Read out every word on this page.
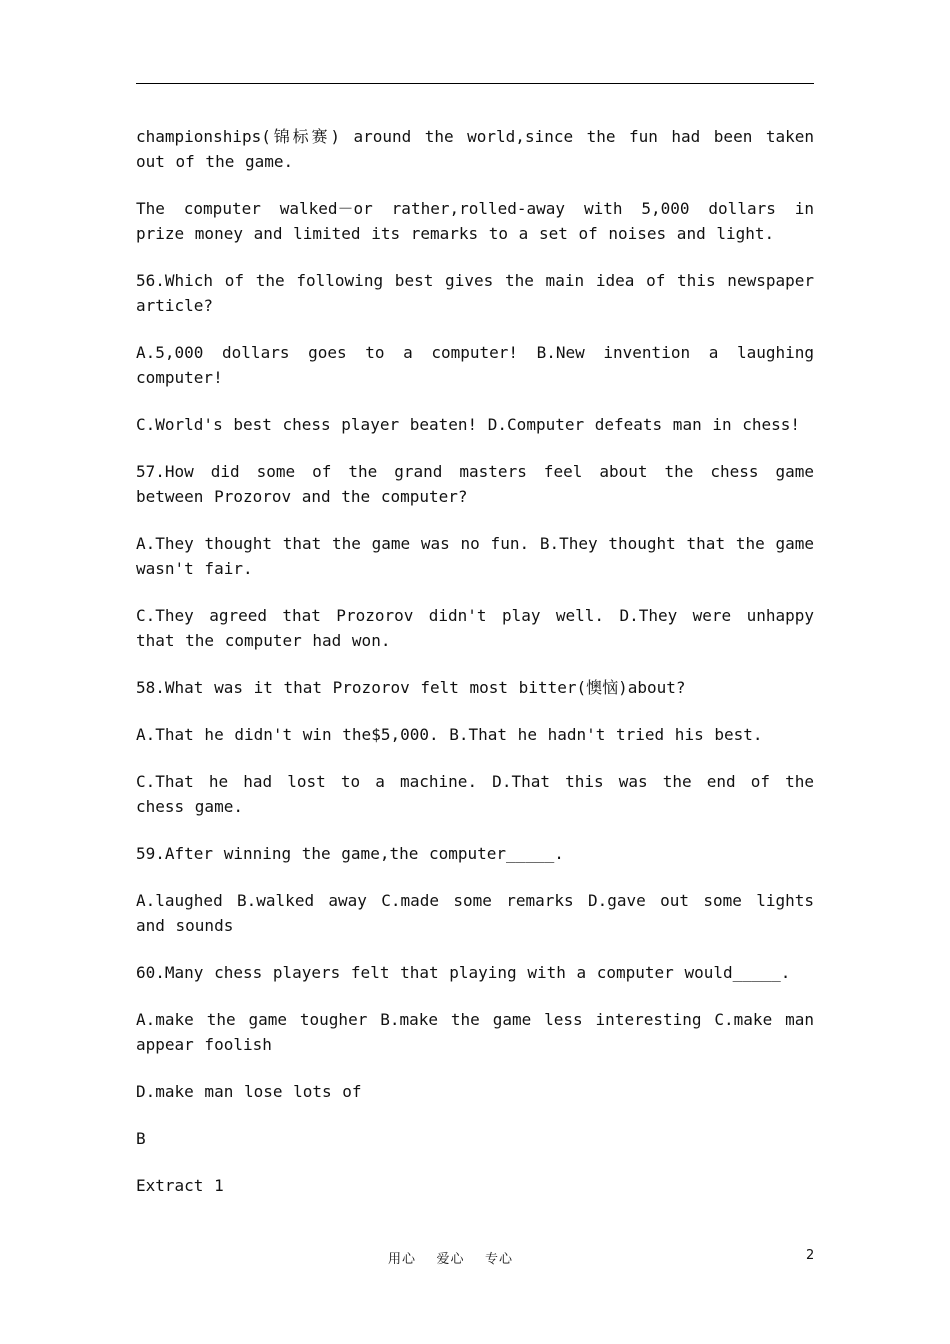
championships(锦标赛) around the world,since the fun had been taken out of the game.

The computer walked－or rather,rolled-away with 5,000 dollars in prize money and limited its remarks to a set of noises and light.

56.Which of the following best gives the main idea of this newspaper article?

A.5,000 dollars goes to a computer! B.New invention a laughing computer!

C.World's best chess player beaten! D.Computer defeats man in chess!

57.How did some of the grand masters feel about the chess game between Prozorov and the computer?

A.They thought that the game was no fun. B.They thought that the game wasn't fair.

C.They agreed that Prozorov didn't play well. D.They were unhappy that the computer had won.

58.What was it that Prozorov felt most bitter(懊恼)about?

A.That he didn't win the$5,000. B.That he hadn't tried his best.

C.That he had lost to a machine. D.That this was the end of the chess game.

59.After winning the game,the computer_____.

A.laughed B.walked away C.made some remarks D.gave out some lights and sounds

60.Many chess players felt that playing with a computer would_____.

A.make the game tougher B.make the game less interesting C.make man appear foolish

D.make man lose lots of

B

Extract 1

用心    爱心    专心	2
